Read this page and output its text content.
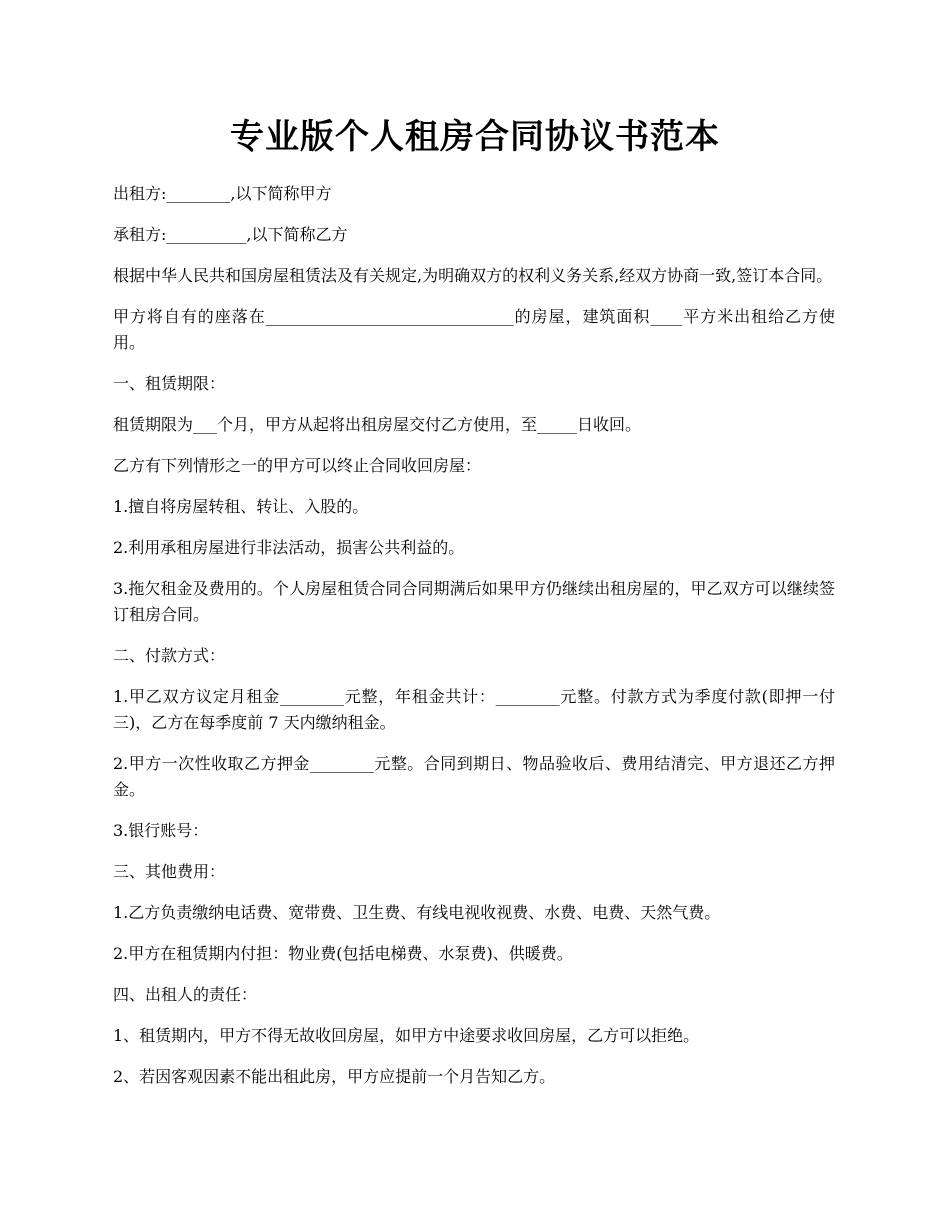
专业版个人租房合同协议书范本

出租方:________,以下简称甲方

承租方:__________,以下简称乙方

根据中华人民共和国房屋租赁法及有关规定,为明确双方的权利义务关系,经双方协商一致,签订本合同。

甲方将自有的座落在_______________________________的房屋，建筑面积____平方米出租给乙方使用。

一、租赁期限：

租赁期限为___个月，甲方从起将出租房屋交付乙方使用，至_____日收回。

乙方有下列情形之一的甲方可以终止合同收回房屋：

1.擅自将房屋转租、转让、入股的。

2.利用承租房屋进行非法活动，损害公共利益的。

3.拖欠租金及费用的。个人房屋租赁合同合同期满后如果甲方仍继续出租房屋的，甲乙双方可以继续签订租房合同。

二、付款方式：

1.甲乙双方议定月租金________元整，年租金共计：________元整。付款方式为季度付款(即押一付三)，乙方在每季度前 7 天内缴纳租金。

2.甲方一次性收取乙方押金________元整。合同到期日、物品验收后、费用结清完、甲方退还乙方押金。

3.银行账号：

三、其他费用：

1.乙方负责缴纳电话费、宽带费、卫生费、有线电视收视费、水费、电费、天然气费。

2.甲方在租赁期内付担：物业费(包括电梯费、水泵费)、供暖费。

四、出租人的责任：

1、租赁期内，甲方不得无故收回房屋，如甲方中途要求收回房屋，乙方可以拒绝。

2、若因客观因素不能出租此房，甲方应提前一个月告知乙方。
